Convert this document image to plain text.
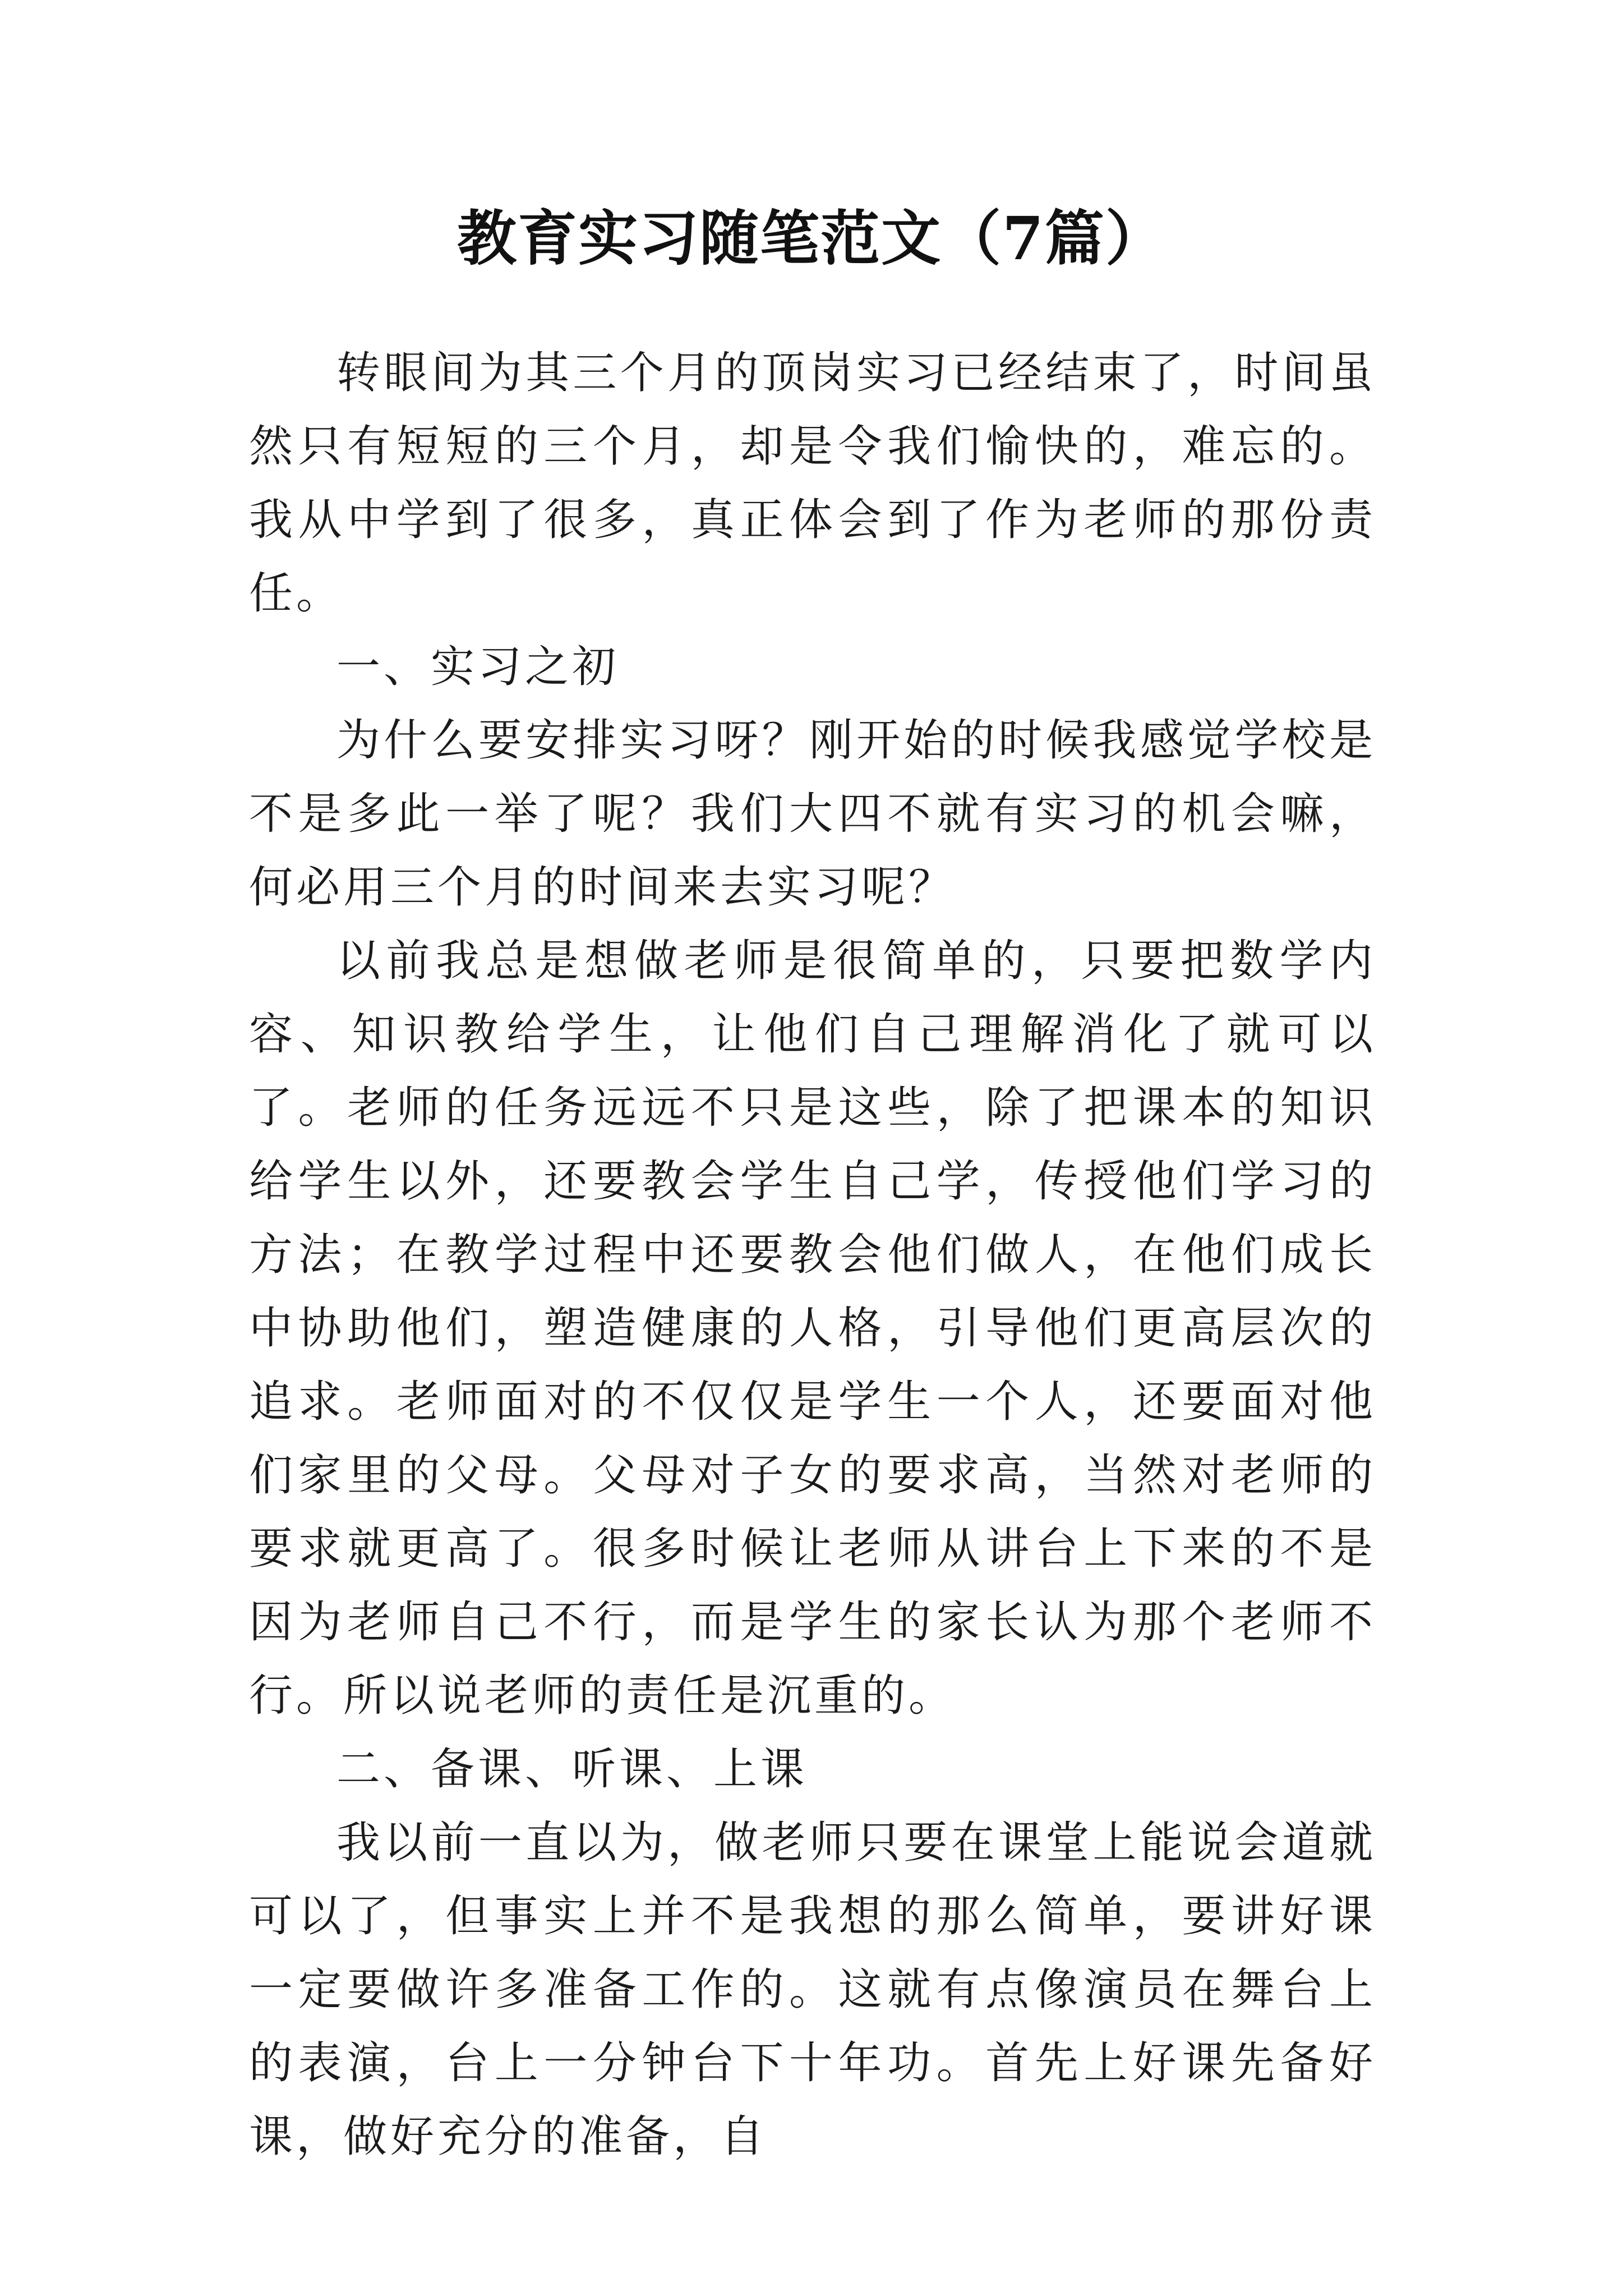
教育实习随笔范文（7篇）

转眼间为其三个月的顶岗实习已经结束了，时间虽然只有短短的三个月，却是令我们愉快的，难忘的。我从中学到了很多，真正体会到了作为老师的那份责任。

一、实习之初

为什么要安排实习呀？刚开始的时候我感觉学校是不是多此一举了呢？我们大四不就有实习的机会嘛，何必用三个月的时间来去实习呢？

以前我总是想做老师是很简单的，只要把数学内容、知识教给学生，让他们自己理解消化了就可以了。老师的任务远远不只是这些，除了把课本的知识给学生以外，还要教会学生自己学，传授他们学习的方法；在教学过程中还要教会他们做人，在他们成长中协助他们，塑造健康的人格，引导他们更高层次的追求。老师面对的不仅仅是学生一个人，还要面对他们家里的父母。父母对子女的要求高，当然对老师的要求就更高了。很多时候让老师从讲台上下来的不是因为老师自己不行，而是学生的家长认为那个老师不行。所以说老师的责任是沉重的。

二、备课、听课、上课

我以前一直以为，做老师只要在课堂上能说会道就可以了，但事实上并不是我想的那么简单，要讲好课一定要做许多准备工作的。这就有点像演员在舞台上的表演，台上一分钟台下十年功。首先上好课先备好课，做好充分的准备，自
